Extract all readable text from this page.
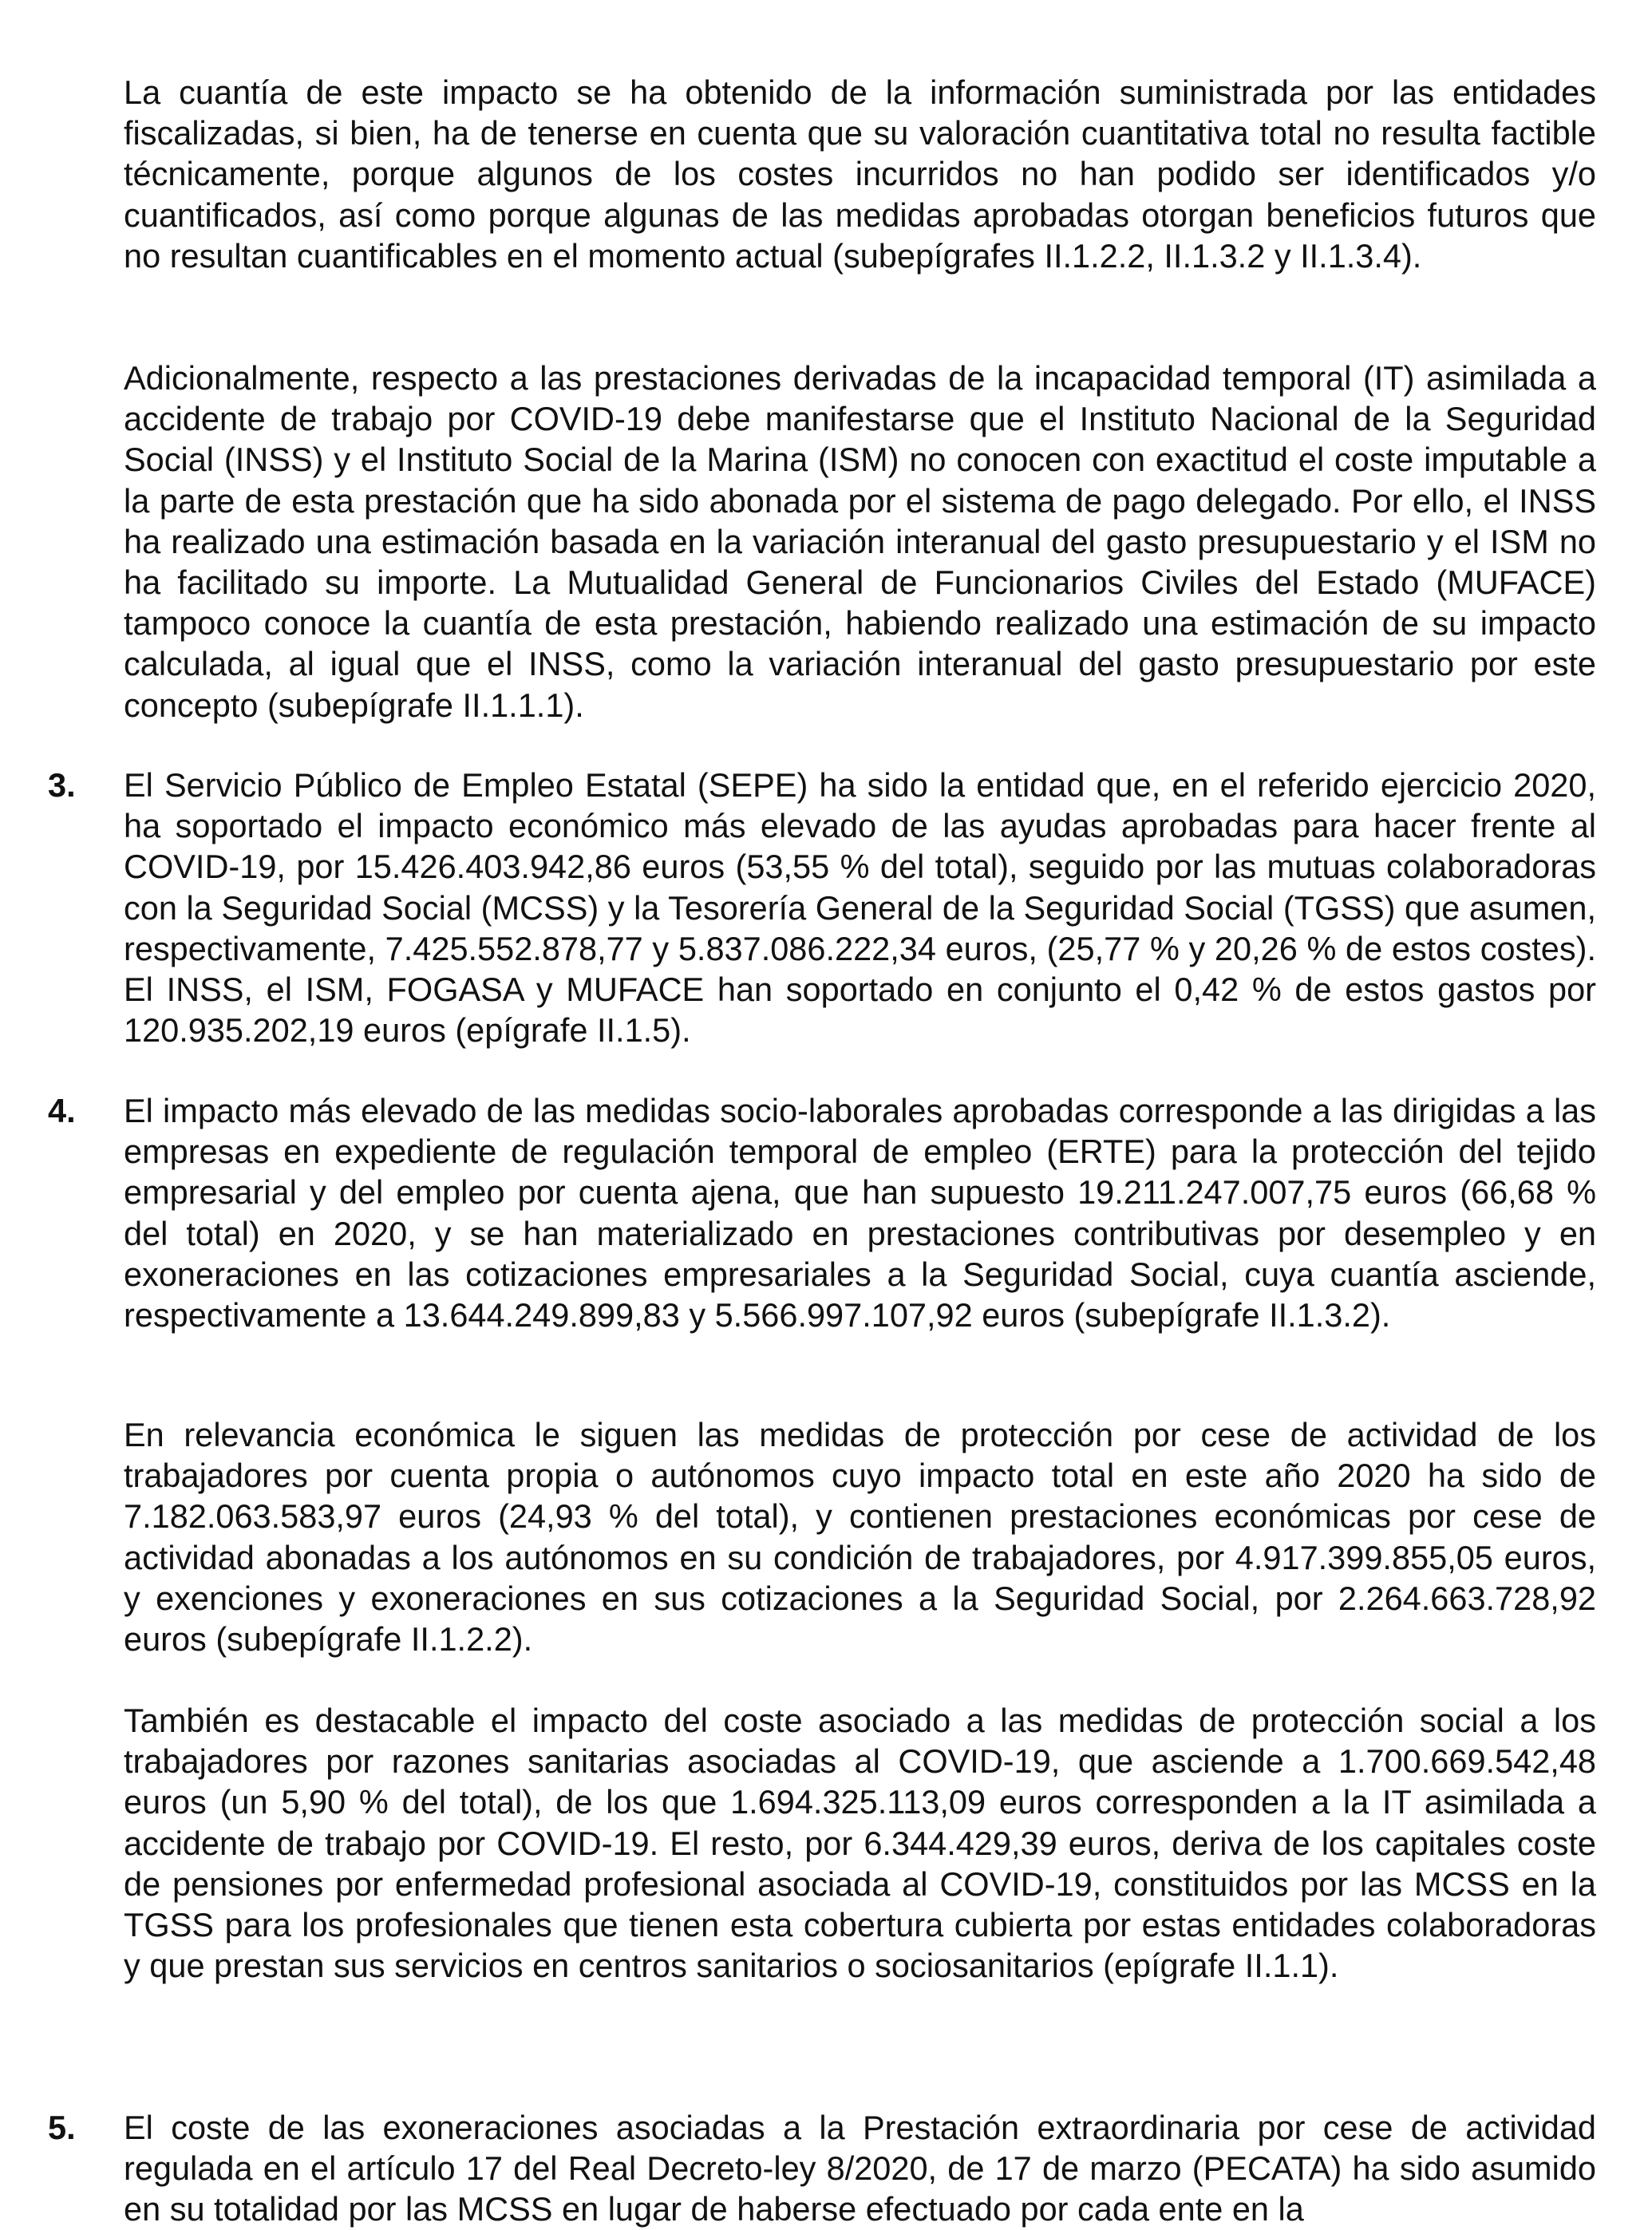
La cuantía de este impacto se ha obtenido de la información suministrada por las entidades fiscalizadas, si bien, ha de tenerse en cuenta que su valoración cuantitativa total no resulta factible técnicamente, porque algunos de los costes incurridos no han podido ser identificados y/o cuantificados, así como porque algunas de las medidas aprobadas otorgan beneficios futuros que no resultan cuantificables en el momento actual (subepígrafes II.1.2.2, II.1.3.2 y II.1.3.4).

Adicionalmente, respecto a las prestaciones derivadas de la incapacidad temporal (IT) asimilada a accidente de trabajo por COVID-19 debe manifestarse que el Instituto Nacional de la Seguridad Social (INSS) y el Instituto Social de la Marina (ISM) no conocen con exactitud el coste imputable a la parte de esta prestación que ha sido abonada por el sistema de pago delegado. Por ello, el INSS ha realizado una estimación basada en la variación interanual del gasto presupuestario y el ISM no ha facilitado su importe. La Mutualidad General de Funcionarios Civiles del Estado (MUFACE) tampoco conoce la cuantía de esta prestación, habiendo realizado una estimación de su impacto calculada, al igual que el INSS, como la variación interanual del gasto presupuestario por este concepto (subepígrafe II.1.1.1).

3. El Servicio Público de Empleo Estatal (SEPE) ha sido la entidad que, en el referido ejercicio 2020, ha soportado el impacto económico más elevado de las ayudas aprobadas para hacer frente al COVID-19, por 15.426.403.942,86 euros (53,55 % del total), seguido por las mutuas colaboradoras con la Seguridad Social (MCSS) y la Tesorería General de la Seguridad Social (TGSS) que asumen, respectivamente, 7.425.552.878,77 y 5.837.086.222,34 euros, (25,77 % y 20,26 % de estos costes). El INSS, el ISM, FOGASA y MUFACE han soportado en conjunto el 0,42 % de estos gastos por 120.935.202,19 euros (epígrafe II.1.5).

4. El impacto más elevado de las medidas socio-laborales aprobadas corresponde a las dirigidas a las empresas en expediente de regulación temporal de empleo (ERTE) para la protección del tejido empresarial y del empleo por cuenta ajena, que han supuesto 19.211.247.007,75 euros (66,68 % del total) en 2020, y se han materializado en prestaciones contributivas por desempleo y en exoneraciones en las cotizaciones empresariales a la Seguridad Social, cuya cuantía asciende, respectivamente a 13.644.249.899,83 y 5.566.997.107,92 euros (subepígrafe II.1.3.2).

En relevancia económica le siguen las medidas de protección por cese de actividad de los trabajadores por cuenta propia o autónomos cuyo impacto total en este año 2020 ha sido de 7.182.063.583,97 euros (24,93 % del total), y contienen prestaciones económicas por cese de actividad abonadas a los autónomos en su condición de trabajadores, por 4.917.399.855,05 euros, y exenciones y exoneraciones en sus cotizaciones a la Seguridad Social, por 2.264.663.728,92 euros (subepígrafe II.1.2.2).

También es destacable el impacto del coste asociado a las medidas de protección social a los trabajadores por razones sanitarias asociadas al COVID-19, que asciende a 1.700.669.542,48 euros (un 5,90 % del total), de los que 1.694.325.113,09 euros corresponden a la IT asimilada a accidente de trabajo por COVID-19. El resto, por 6.344.429,39 euros, deriva de los capitales coste de pensiones por enfermedad profesional asociada al COVID-19, constituidos por las MCSS en la TGSS para los profesionales que tienen esta cobertura cubierta por estas entidades colaboradoras y que prestan sus servicios en centros sanitarios o sociosanitarios (epígrafe II.1.1).

5. El coste de las exoneraciones asociadas a la Prestación extraordinaria por cese de actividad regulada en el artículo 17 del Real Decreto-ley 8/2020, de 17 de marzo (PECATA) ha sido asumido en su totalidad por las MCSS en lugar de haberse efectuado por cada ente en la
